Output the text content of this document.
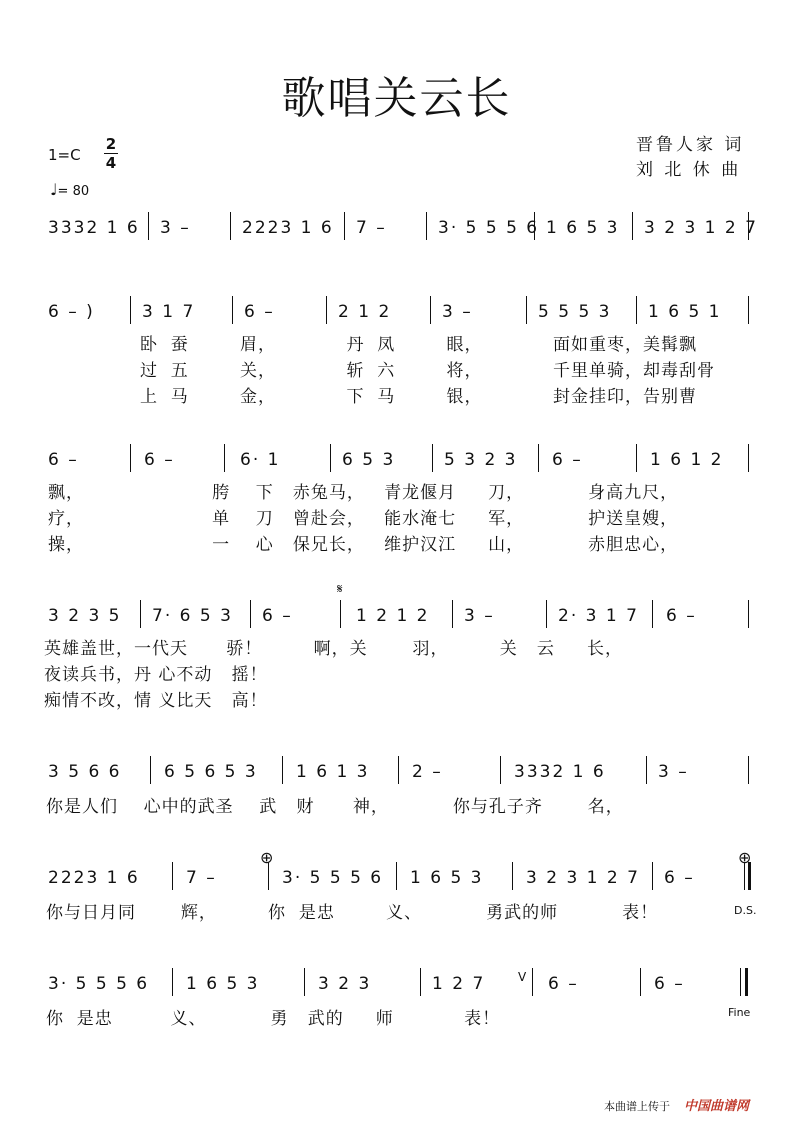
歌唱关云长
1=C
2
4
♩= 80
晋鲁人家 词
刘 北 休 曲
3332 1 6 3 –	2223 1 6 7 –	3· 5 5 5 6 1 6 5 3 3 2 3 1 2 7
6 – )	3 1 7	6 –	2 1 2	3 –	5 5 5 3 1 6 5 1
卧  蚕        眉，           丹  凤        眼，           面如重枣，美髯飘
过  五        关，           斩  六        将，           千里单骑，却毒刮骨
上  马        金，           下  马        银，           封金挂印，告别曹
6 –	6 –	6· 1	6 5 3	5 3 2 3 6 –	1 6 1 2
飘，                    胯    下   赤兔马，   青龙偃月     刀，          身高九尺，
疗，                    单    刀   曾赴会，   能水淹七     军，          护送皇嫂，
操，                    一    心   保兄长，   维护汉江     山，          赤胆忠心，
𝄋
3 2 3 5 7· 6 5 3 6 –	1 2 1 2 3 –	2· 3 1 7 6 –
英雄盖世，一代天      骄！        啊，关       羽，        关   云     长，
夜读兵书，丹 心不动   摇！
痴情不改，情 义比天   高！
3 5 6 6	6 5 6 5 3 1 6 1 3	2 –	3332 1 6	3 –
你是人们    心中的武圣    武   财      神，          你与孔子齐       名，
⊕	⊕
2223 1 6	7 –	3· 5 5 5 6 1 6 5 3	3 2 3 1 2 7 6 –
你与日月同       辉，        你  是忠        义、          勇武的师          表！	D.S.
3· 5 5 5 6 1 6 5 3	3 2 3	1 2 7	V 6 –	6 –
你  是忠         义、          勇   武的     师           表！	Fine
本曲谱上传于 中国曲谱网
